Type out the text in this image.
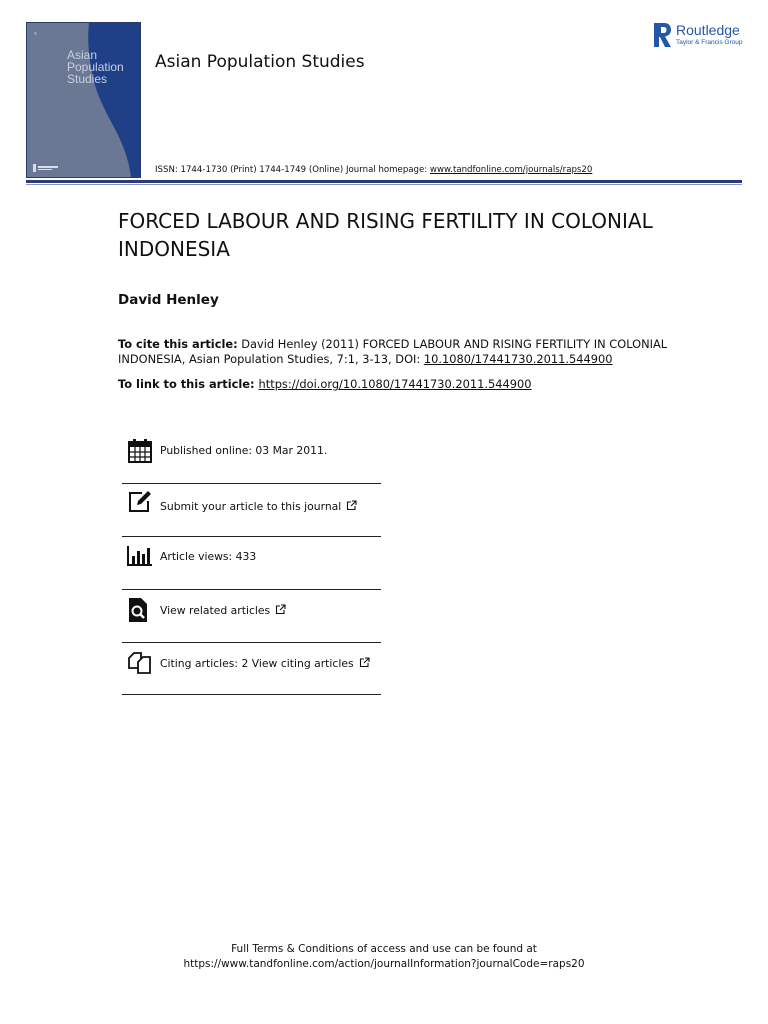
≡
Asian
Population
Studies
Asian Population Studies
ISSN: 1744-1730 (Print) 1744-1749 (Online) Journal homepage: www.tandfonline.com/journals/raps20
Routledge
Taylor & Francis Group
FORCED LABOUR AND RISING FERTILITY IN COLONIAL INDONESIA
David Henley
To cite this article: David Henley (2011) FORCED LABOUR AND RISING FERTILITY IN COLONIAL INDONESIA, Asian Population Studies, 7:1, 3-13, DOI: 10.1080/17441730.2011.544900
To link to this article: https://doi.org/10.1080/17441730.2011.544900
Published online: 03 Mar 2011.
Submit your article to this journal
Article views: 433
View related articles
Citing articles: 2 View citing articles
Full Terms & Conditions of access and use can be found at
https://www.tandfonline.com/action/journalInformation?journalCode=raps20
